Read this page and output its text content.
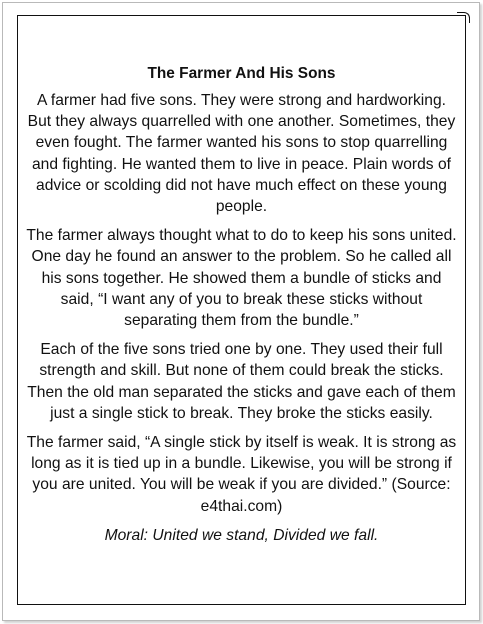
The Farmer And His Sons

A farmer had five sons. They were strong and hardworking. But they always quarrelled with one another. Sometimes, they even fought. The farmer wanted his sons to stop quarrelling and fighting. He wanted them to live in peace. Plain words of advice or scolding did not have much effect on these young people.

The farmer always thought what to do to keep his sons united. One day he found an answer to the problem. So he called all his sons together. He showed them a bundle of sticks and said, “I want any of you to break these sticks without separating them from the bundle.”

Each of the five sons tried one by one. They used their full strength and skill. But none of them could break the sticks. Then the old man separated the sticks and gave each of them just a single stick to break. They broke the sticks easily.

The farmer said, “A single stick by itself is weak. It is strong as long as it is tied up in a bundle. Likewise, you will be strong if you are united. You will be weak if you are divided.” (Source: e4thai.com)

Moral: United we stand, Divided we fall.
